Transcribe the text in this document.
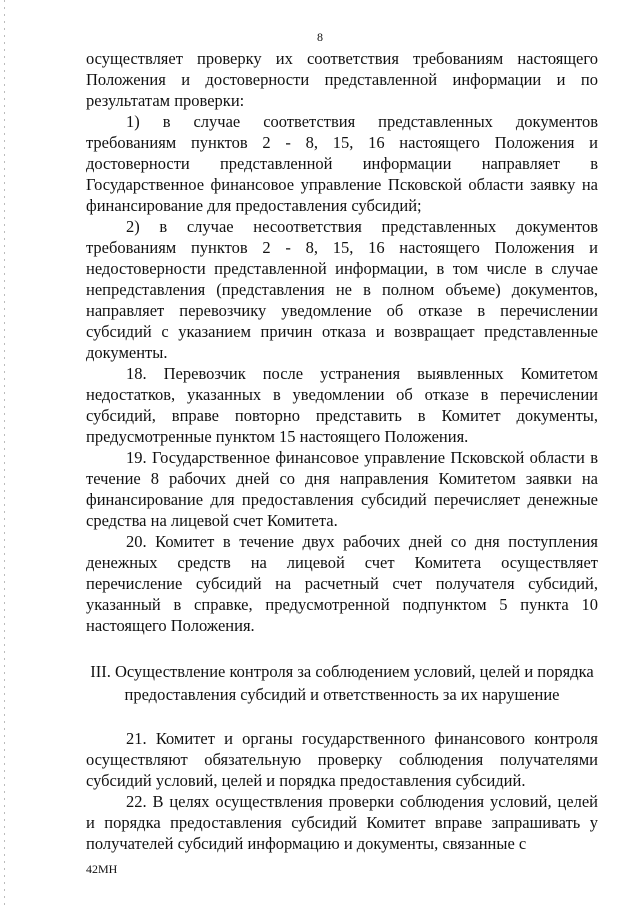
8

осуществляет проверку их соответствия требованиям настоящего Положения и достоверности представленной информации и по результатам проверки:

1) в случае соответствия представленных документов требованиям пунктов 2 - 8, 15, 16 настоящего Положения и достоверности представленной информации направляет в Государственное финансовое управление Псковской области заявку на финансирование для предоставления субсидий;

2) в случае несоответствия представленных документов требованиям пунктов 2 - 8, 15, 16 настоящего Положения и недостоверности представленной информации, в том числе в случае непредставления (представления не в полном объеме) документов, направляет перевозчику уведомление об отказе в перечислении субсидий с указанием причин отказа и возвращает представленные документы.

18. Перевозчик после устранения выявленных Комитетом недостатков, указанных в уведомлении об отказе в перечислении субсидий, вправе повторно представить в Комитет документы, предусмотренные пунктом 15 настоящего Положения.

19. Государственное финансовое управление Псковской области в течение 8 рабочих дней со дня направления Комитетом заявки на финансирование для предоставления субсидий перечисляет денежные средства на лицевой счет Комитета.

20. Комитет в течение двух рабочих дней со дня поступления денежных средств на лицевой счет Комитета осуществляет перечисление субсидий на расчетный счет получателя субсидий, указанный в справке, предусмотренной подпунктом 5 пункта 10 настоящего Положения.

III. Осуществление контроля за соблюдением условий, целей и порядка
предоставления субсидий и ответственность за их нарушение

21. Комитет и органы государственного финансового контроля осуществляют обязательную проверку соблюдения получателями субсидий условий, целей и порядка предоставления субсидий.

22. В целях осуществления проверки соблюдения условий, целей и порядка предоставления субсидий Комитет вправе запрашивать у получателей субсидий информацию и документы, связанные с

42МН
